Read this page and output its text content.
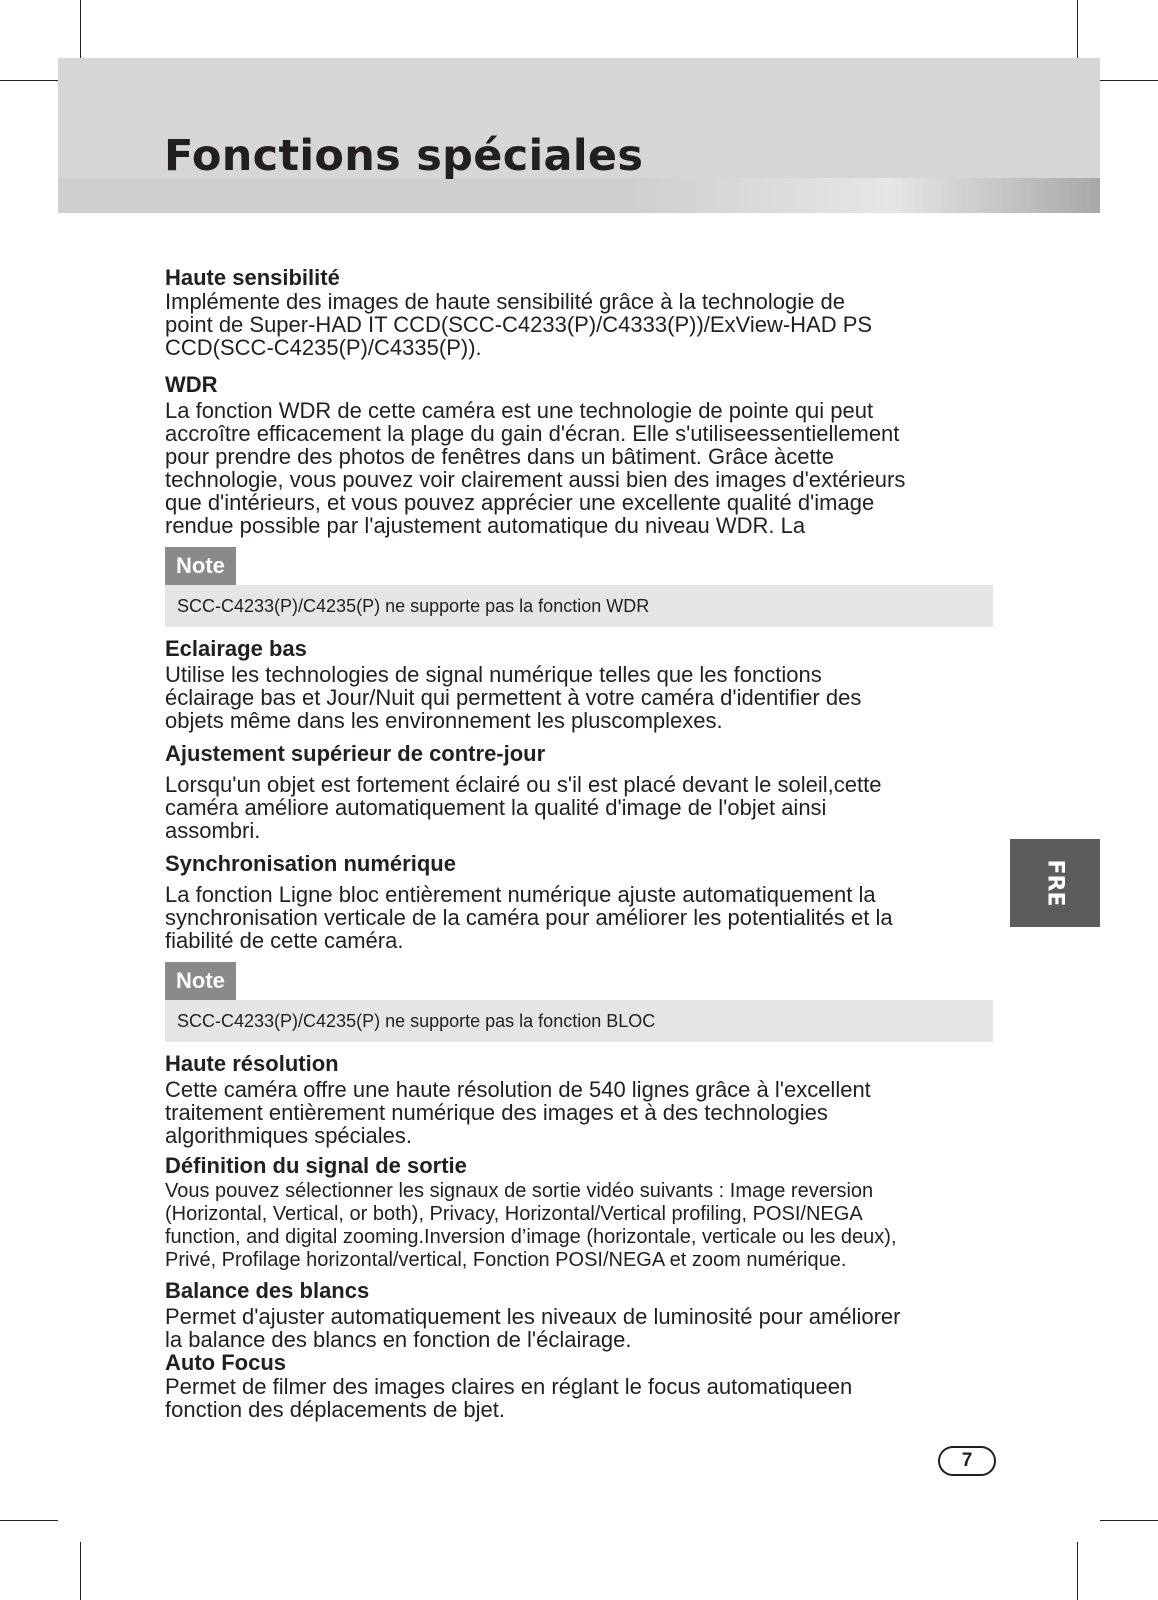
Fonctions spéciales
FRE

Haute sensibilité

Implémente des images de haute sensibilité grâce à la technologie de
point de Super-HAD IT CCD(SCC-C4233(P)/C4333(P))/ExView-HAD PS
CCD(SCC-C4235(P)/C4335(P)).

WDR

La fonction WDR de cette caméra est une technologie de pointe qui peut
accroître efficacement la plage du gain d'écran. Elle s'utiliseessentiellement
pour prendre des photos de fenêtres dans un bâtiment. Grâce àcette
technologie, vous pouvez voir clairement aussi bien des images d'extérieurs
que d'intérieurs, et vous pouvez apprécier une excellente qualité d'image
rendue possible par l'ajustement automatique du niveau WDR. La
Note
SCC-C4233(P)/C4235(P) ne supporte pas la fonction WDR

Eclairage bas

Utilise les technologies de signal numérique telles que les fonctions
éclairage bas et Jour/Nuit qui permettent à votre caméra d'identifier des
objets même dans les environnement les pluscomplexes.

Ajustement supérieur de contre-jour

Lorsqu'un objet est fortement éclairé ou s'il est placé devant le soleil,cette
caméra améliore automatiquement la qualité d'image de l'objet ainsi
assombri.

Synchronisation numérique

La fonction Ligne bloc entièrement numérique ajuste automatiquement la
synchronisation verticale de la caméra pour améliorer les potentialités et la
fiabilité de cette caméra.
Note
SCC-C4233(P)/C4235(P) ne supporte pas la fonction BLOC

Haute résolution

Cette caméra offre une haute résolution de 540 lignes grâce à l'excellent
traitement entièrement numérique des images et à des technologies
algorithmiques spéciales.

Définition du signal de sortie

Vous pouvez sélectionner les signaux de sortie vidéo suivants : Image reversion
(Horizontal, Vertical, or both), Privacy, Horizontal/Vertical profiling, POSI/NEGA
function, and digital zooming.Inversion d’image (horizontale, verticale ou les deux),
Privé, Profilage horizontal/vertical, Fonction POSI/NEGA et zoom numérique.

Balance des blancs

Permet d'ajuster automatiquement les niveaux de luminosité pour améliorer
la balance des blancs en fonction de l'éclairage.

Auto Focus

Permet de filmer des images claires en réglant le focus automatiqueen
fonction des déplacements de bjet.
7
